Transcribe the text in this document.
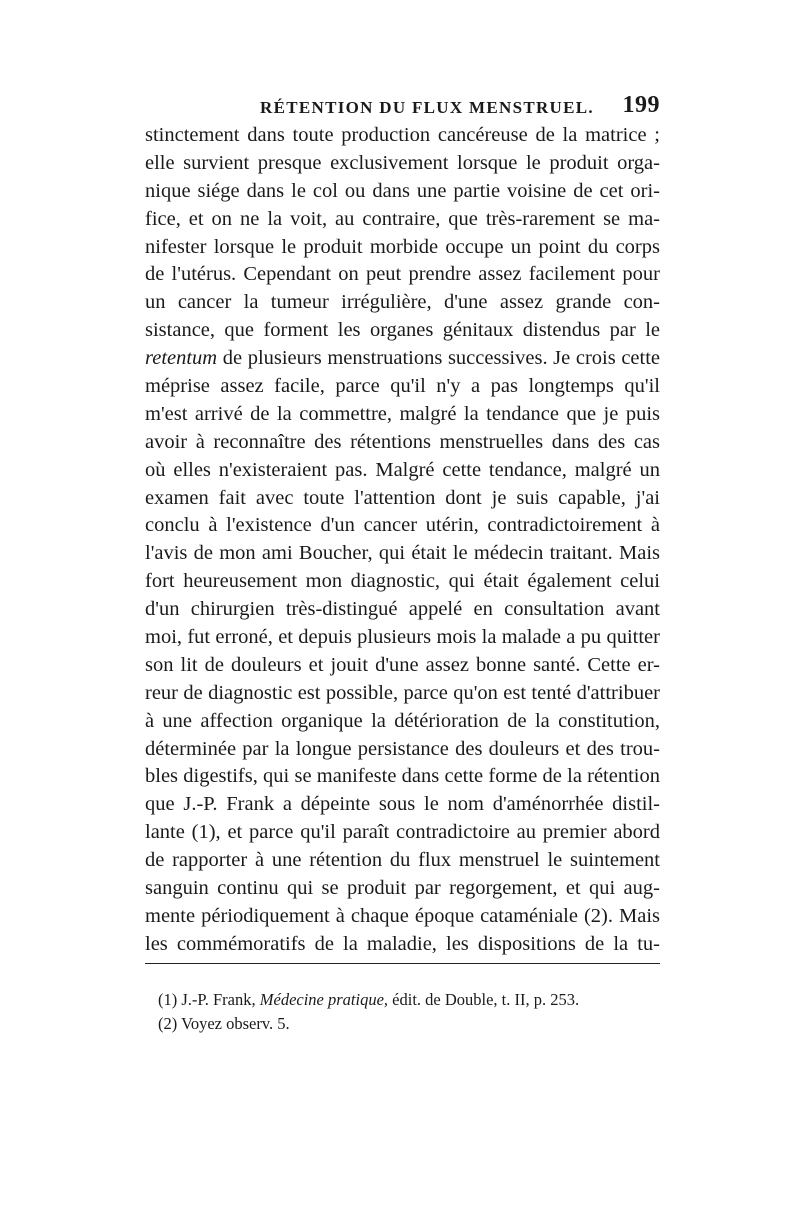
RÉTENTION DU FLUX MENSTRUEL. 199
stinctement dans toute production cancéreuse de la matrice ;
elle survient presque exclusivement lorsque le produit orga-
nique siége dans le col ou dans une partie voisine de cet ori-
fice, et on ne la voit, au contraire, que très-rarement se ma-
nifester lorsque le produit morbide occupe un point du corps
de l'utérus. Cependant on peut prendre assez facilement pour
un cancer la tumeur irrégulière, d'une assez grande con-
sistance, que forment les organes génitaux distendus par le
retentum de plusieurs menstruations successives. Je crois cette
méprise assez facile, parce qu'il n'y a pas longtemps qu'il
m'est arrivé de la commettre, malgré la tendance que je puis
avoir à reconnaître des rétentions menstruelles dans des cas
où elles n'existeraient pas. Malgré cette tendance, malgré un
examen fait avec toute l'attention dont je suis capable, j'ai
conclu à l'existence d'un cancer utérin, contradictoirement à
l'avis de mon ami Boucher, qui était le médecin traitant. Mais
fort heureusement mon diagnostic, qui était également celui
d'un chirurgien très-distingué appelé en consultation avant
moi, fut erroné, et depuis plusieurs mois la malade a pu quitter
son lit de douleurs et jouit d'une assez bonne santé. Cette er-
reur de diagnostic est possible, parce qu'on est tenté d'attribuer
à une affection organique la détérioration de la constitution,
déterminée par la longue persistance des douleurs et des trou-
bles digestifs, qui se manifeste dans cette forme de la rétention
que J.-P. Frank a dépeinte sous le nom d'aménorrhée distil-
lante (1), et parce qu'il paraît contradictoire au premier abord
de rapporter à une rétention du flux menstruel le suintement
sanguin continu qui se produit par regorgement, et qui aug-
mente périodiquement à chaque époque cataméniale (2). Mais
les commémoratifs de la maladie, les dispositions de la tu-
(1) J.-P. Frank, Médecine pratique, édit. de Double, t. II, p. 253.
(2) Voyez observ. 5.
